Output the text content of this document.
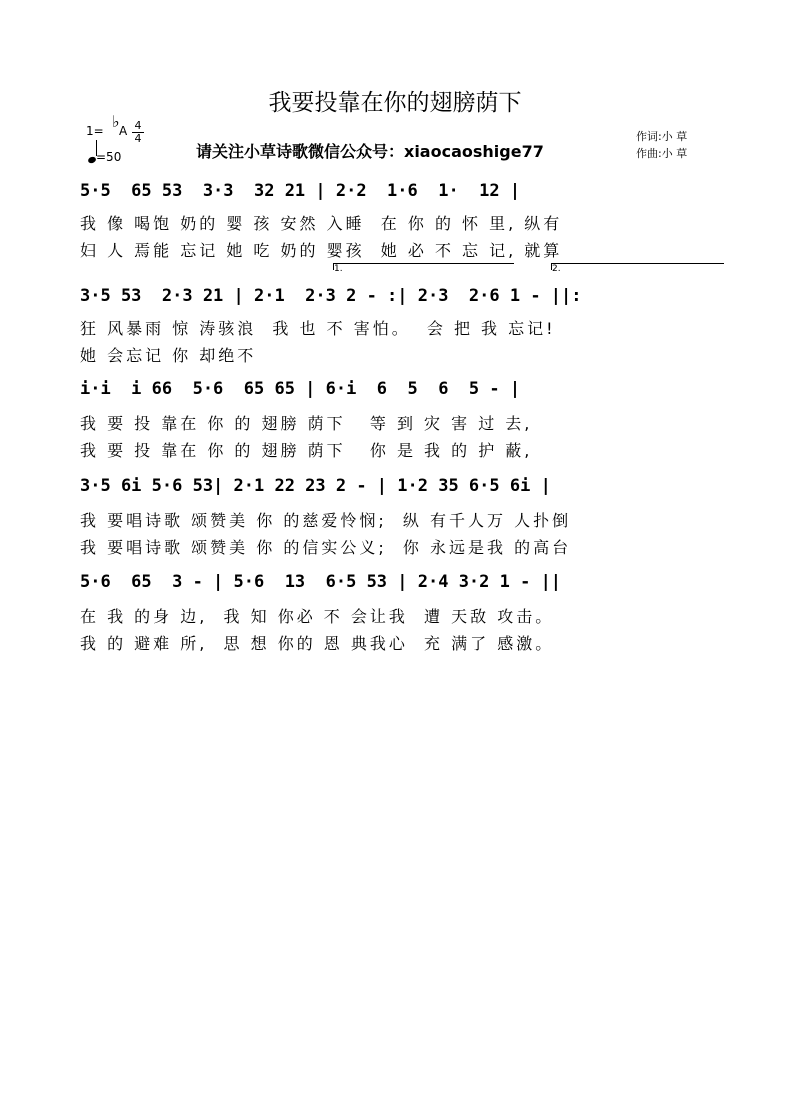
我要投靠在你的翅膀荫下
1= ♭ A 4
4
=50	请关注小草诗歌微信公众号：xiaocaoshige77
作词:小 草
作曲:小 草
5·5  65 53  3·3  32 21 | 2·2  1·6  1·  12 |
我 像 喝饱 奶的 婴 孩 安然 入睡  在 你 的 怀 里, 纵有
妇 人 焉能 忘记 她 吃 奶的 婴孩  她 必 不 忘 记, 就算
1.	2.
3·5 53  2·3 21 | 2·1  2·3 2 - :| 2·3  2·6 1 - ||:
狂 风暴雨 惊 涛骇浪  我 也 不 害怕。  会 把 我 忘记!
她 会忘记 你 却绝不
i·i  i 66  5·6  65 65 | 6·i  6  5  6  5 - |
我 要 投 靠在 你 的 翅膀 荫下   等 到 灾 害 过 去,
我 要 投 靠在 你 的 翅膀 荫下   你 是 我 的 护 蔽,
3·5 6i 5·6 53| 2·1 22 23 2 - | 1·2 35 6·5 6i |
我 要唱诗歌 颂赞美 你 的慈爱怜悯;  纵 有千人万 人扑倒
我 要唱诗歌 颂赞美 你 的信实公义;  你 永远是我 的高台
5·6  65  3 - | 5·6  13  6·5 53 | 2·4 3·2 1 - ||
在 我 的身 边,  我 知 你必 不 会让我  遭 天敌 攻击。
我 的 避难 所,  思 想 你的 恩 典我心  充 满了 感激。
